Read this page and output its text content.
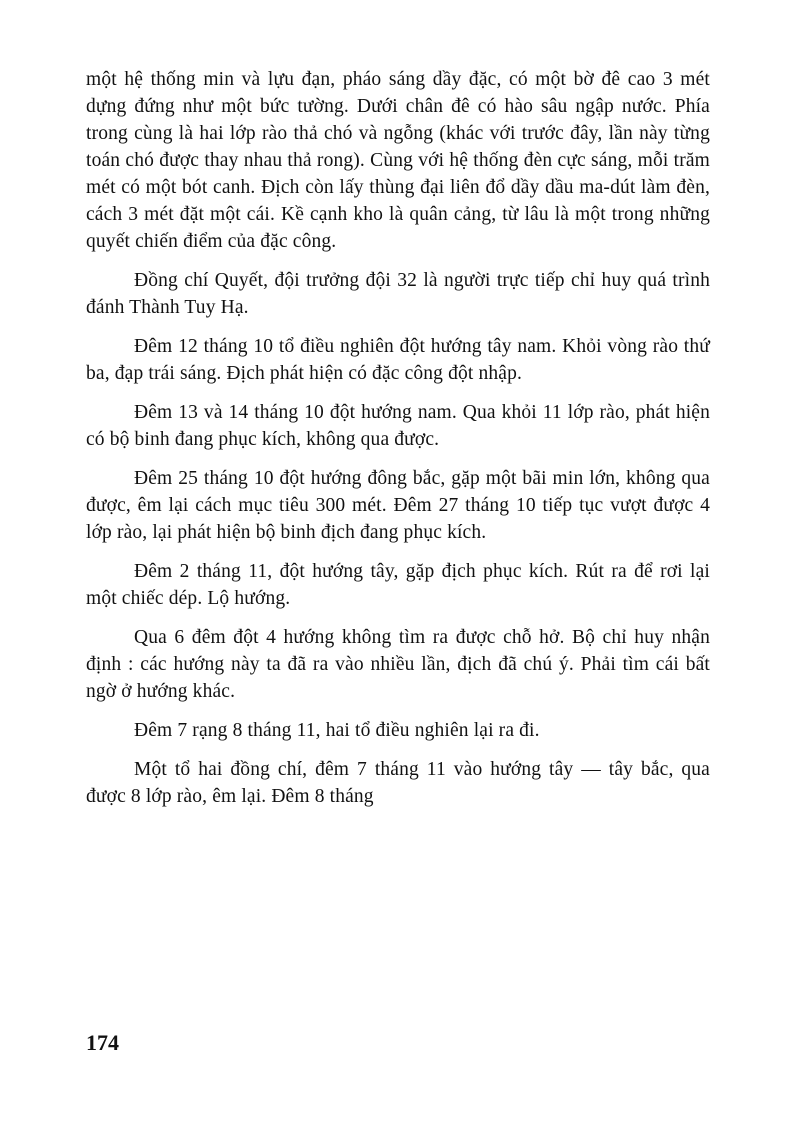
một hệ thống min và lựu đạn, pháo sáng dầy đặc, có một bờ đê cao 3 mét dựng đứng như một bức tường. Dưới chân đê có hào sâu ngập nước. Phía trong cùng là hai lớp rào thả chó và ngỗng (khác với trước đây, lần này từng toán chó được thay nhau thả rong). Cùng với hệ thống đèn cực sáng, mỗi trăm mét có một bót canh. Địch còn lấy thùng đại liên đổ dầy dầu ma-dút làm đèn, cách 3 mét đặt một cái. Kề cạnh kho là quân cảng, từ lâu là một trong những quyết chiến điểm của đặc công.

Đồng chí Quyết, đội trưởng đội 32 là người trực tiếp chỉ huy quá trình đánh Thành Tuy Hạ.

Đêm 12 tháng 10 tổ điều nghiên đột hướng tây nam. Khỏi vòng rào thứ ba, đạp trái sáng. Địch phát hiện có đặc công đột nhập.

Đêm 13 và 14 tháng 10 đột hướng nam. Qua khỏi 11 lớp rào, phát hiện có bộ binh đang phục kích, không qua được.

Đêm 25 tháng 10 đột hướng đông bắc, gặp một bãi min lớn, không qua được, êm lại cách mục tiêu 300 mét. Đêm 27 tháng 10 tiếp tục vượt được 4 lớp rào, lại phát hiện bộ binh địch đang phục kích.

Đêm 2 tháng 11, đột hướng tây, gặp địch phục kích. Rút ra để rơi lại một chiếc dép. Lộ hướng.

Qua 6 đêm đột 4 hướng không tìm ra được chỗ hở. Bộ chỉ huy nhận định : các hướng này ta đã ra vào nhiều lần, địch đã chú ý. Phải tìm cái bất ngờ ở hướng khác.

Đêm 7 rạng 8 tháng 11, hai tổ điều nghiên lại ra đi.

Một tổ hai đồng chí, đêm 7 tháng 11 vào hướng tây — tây bắc, qua được 8 lớp rào, êm lại. Đêm 8 tháng

174
